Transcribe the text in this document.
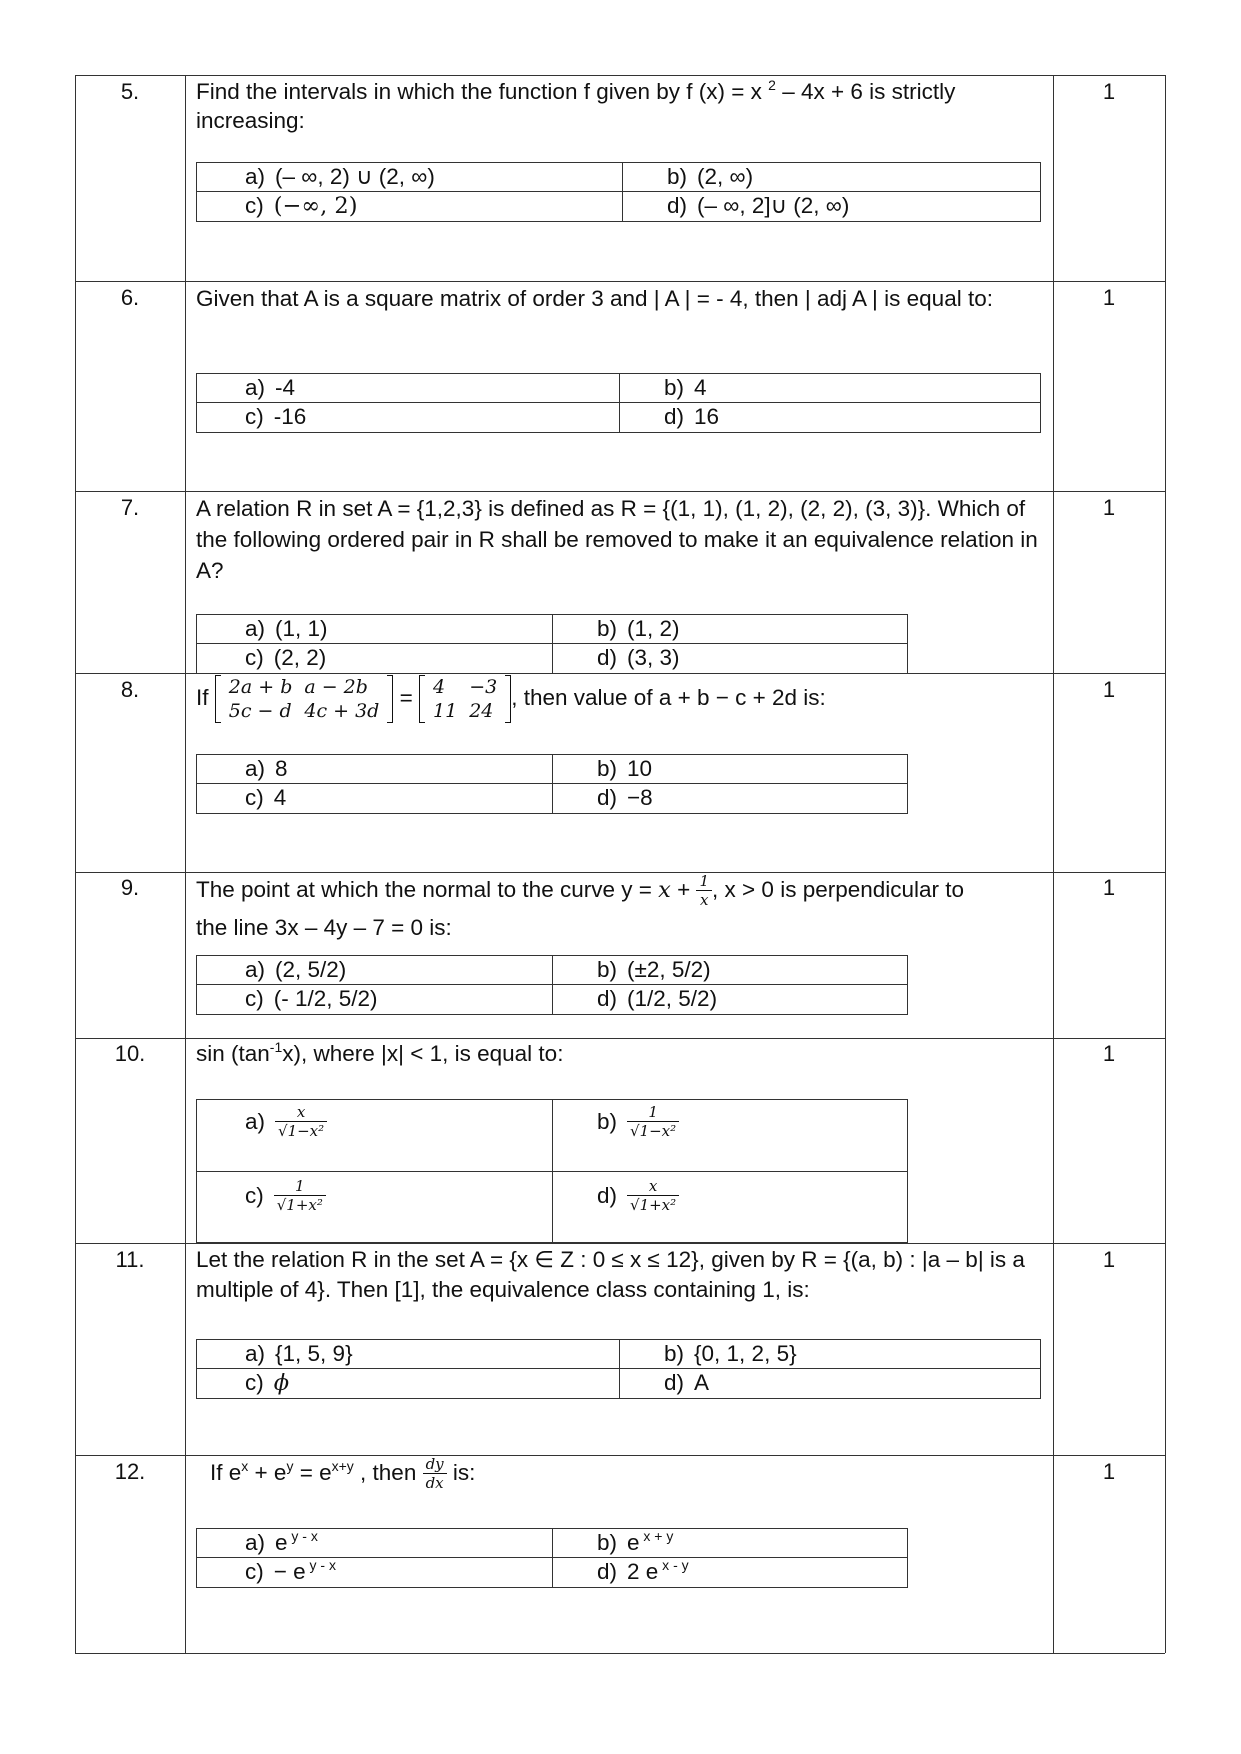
5.	1
Find the intervals in which the function f given by f (x) = x $^2$ – 4x + 6 is strictly increasing:
a) (– ∞, 2) ∪ (2, ∞)	b) (2, ∞)
c) (−∞, 2)	d) (– ∞, 2]∪ (2, ∞)
6.	1
Given that A is a square matrix of order 3 and | A | = - 4, then | adj A | is equal to:
a) -4	b) 4
c) -16	d) 16
7.	1
A relation R in set A = {1,2,3} is defined as R = {(1, 1), (1, 2), (2, 2), (3, 3)}. Which of the following ordered pair in R shall be removed to make it an equivalence relation in A?
a) (1, 1)	b) (1, 2)
c) (2, 2)	d) (3, 3)
8.	1
If 2a + b	a − 2b
5c − d	4c + 3d
= 4	−3
11	24
, then value of a + b − c + 2d is:
a) 8	b) 10
c) 4	d) −8
9.	1
The point at which the normal to the curve $y = x + \frac{1}{x}$ , x > 0 is perpendicular to
the line 3x – 4y – 7 = 0 is:
a) (2, 5/2)	b) (±2, 5/2)
c) (- 1/2, 5/2)	d) (1/2, 5/2)
10.	1
$\sin (\tan^{-1}x)$, where |x| < 1, is equal to:
$a) \frac{x}{\text{√1−x²}}$	$b) \frac{1}{\text{√1−x²}}$
$c) \frac{1}{\text{√1+x²}}$	$d) \frac{x}{\text{√1+x²}}$
11.	1
Let the relation R in the set A = {x ∈ Z : 0 ≤ x ≤ 12}, given by R = {(a, b) : |a – b| is a multiple of 4}. Then [1], the equivalence class containing 1, is:
a) {1, 5, 9}	b) {0, 1, 2, 5}
c) ϕ	d) A
12.	1
If $e^x + e^y = e^{x+y}$ , then $\frac{dy}{dx}$ is:
a) e $^{y - x}$	b) e $^{x + y}$
c) − e $^{y - x}$	d) 2 e $^{x - y}$
